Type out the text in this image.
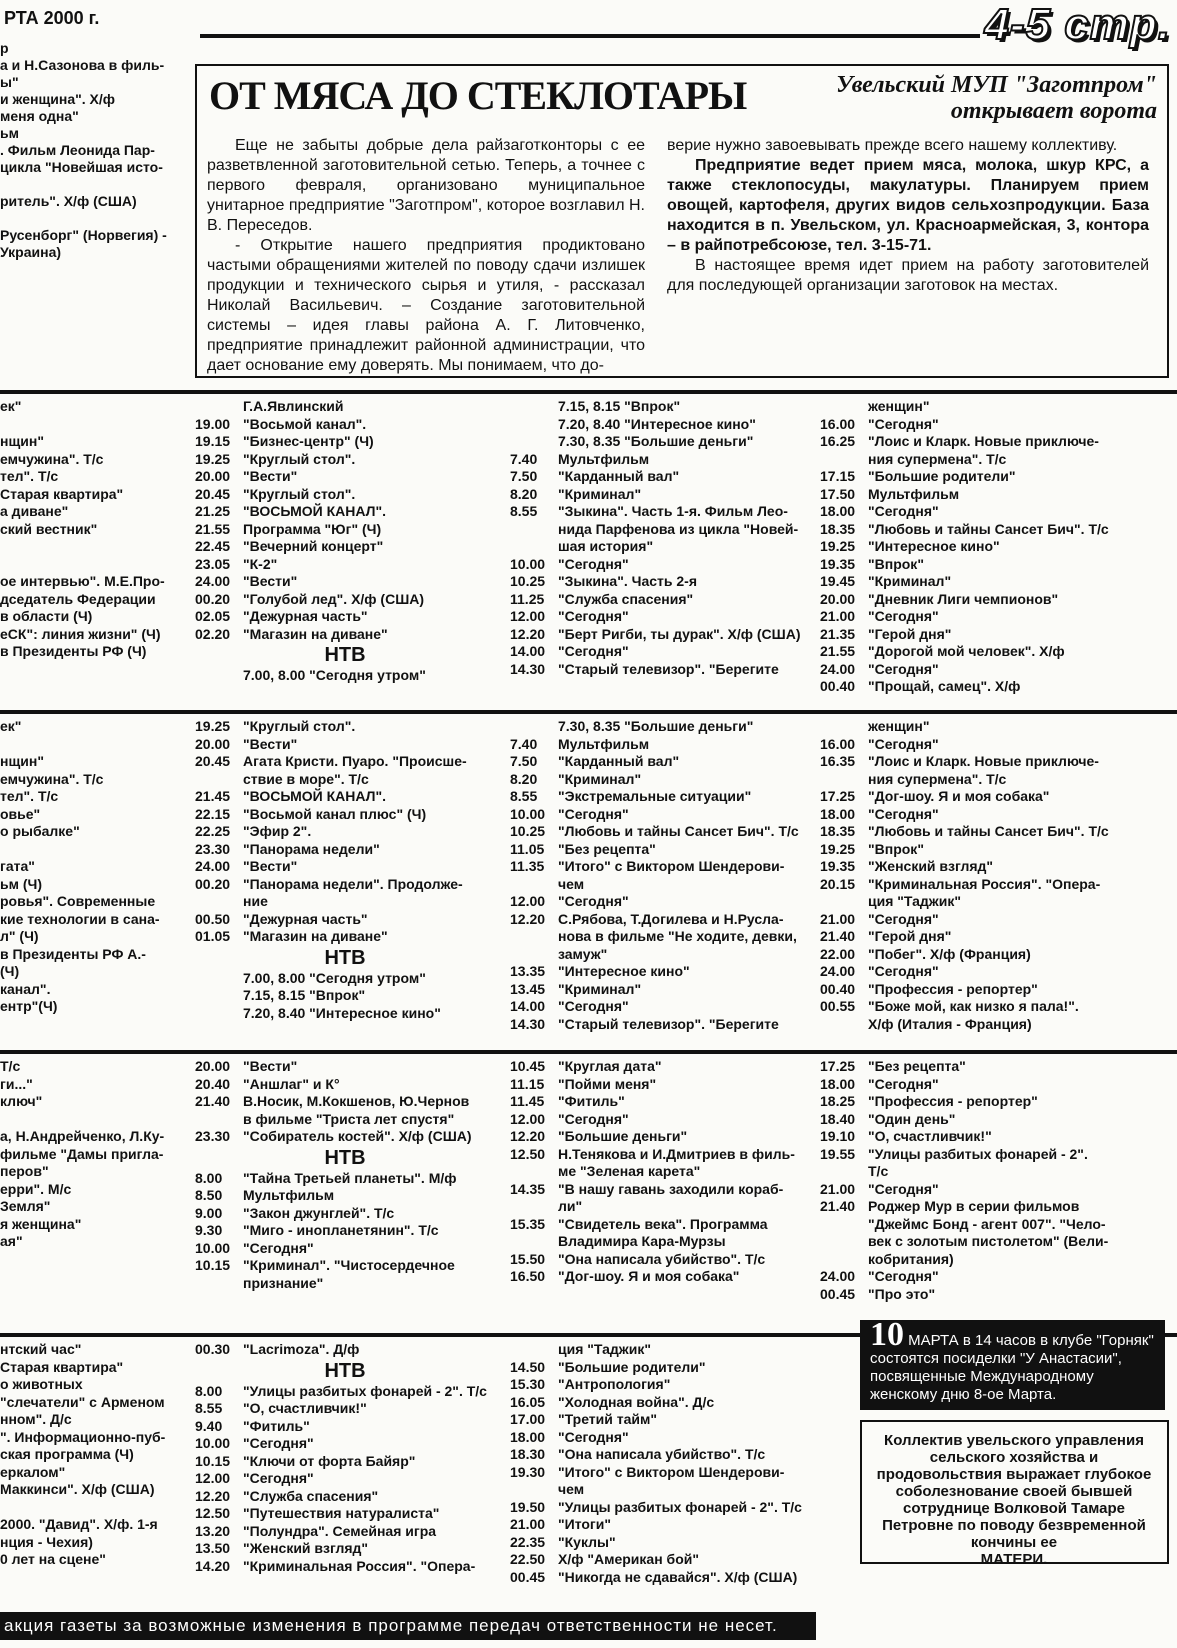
РТА 2000 г.	4-5 стр.
р
а и Н.Сазонова в филь-
ы"
и женщина". Х/ф
меня одна"
ьм
. Фильм Леонида Пар-
цикла "Новейшая исто-

ритель". Х/ф (США)

Русенборг" (Норвегия) -
Украина)
ОТ МЯСА ДО СТЕКЛОТАРЫ	Увельский МУП "Заготпром"
открывает ворота

Еще не забыты добрые дела райзаготконторы с ее разветвленной заготовительной сетью. Теперь, а точнее с первого февраля, организовано муниципальное унитарное предприятие "Заготпром", которое возглавил Н. В. Переседов.

- Открытие нашего предприятия продиктовано частыми обращениями жителей по поводу сдачи излишек продукции и технического сырья и утиля, - рассказал Николай Васильевич. – Создание заготовительной системы – идея главы района А. Г. Литовченко, предприятие принадлежит районной администрации, что дает основание ему доверять. Мы понимаем, что до-

верие нужно завоевывать прежде всего нашему коллективу.

Предприятие ведет прием мяса, молока, шкур КРС, а также стеклопосуды, макулатуры. Планируем прием овощей, картофеля, других видов сельхозпродукции. База находится в п. Увельском, ул. Красноармейская, 3, контора – в райпотребсоюзе, тел. 3-15-71.

В настоящее время идет прием на работу заготовителей для последующей организации заготовок на местах.

ек"

нщин"
емчужина". Т/с
тел". Т/с
Старая квартира"
а диване"
ский вестник"

ое интервью". М.Е.Про-
дседатель Федерации
в области (Ч)
еСК": линия жизни" (Ч)
в Президенты РФ (Ч)
Г.А.Явлинский
19.00 "Восьмой канал".
19.15 "Бизнес-центр" (Ч)
19.25 "Круглый стол".
20.00 "Вести"
20.45 "Круглый стол".
21.25 "ВОСЬМОЙ КАНАЛ".
21.55 Программа "Юг" (Ч)
22.45 "Вечерний концерт"
23.05 "К-2"
24.00 "Вести"
00.20 "Голубой лед". Х/ф (США)
02.05 "Дежурная часть"
02.20 "Магазин на диване"
НТВ
7.00, 8.00 "Сегодня утром"
7.15, 8.15 "Впрок"
7.20, 8.40 "Интересное кино"
7.30, 8.35 "Большие деньги"
7.40 Мультфильм
7.50 "Карданный вал"
8.20 "Криминал"
8.55 "Зыкина". Часть 1-я. Фильм Лео-
нида Парфенова из цикла "Новей-
шая история"
10.00 "Сегодня"
10.25 "Зыкина". Часть 2-я
11.25 "Служба спасения"
12.00 "Сегодня"
12.20 "Берт Ригби, ты дурак". Х/ф (США)
14.00 "Сегодня"
14.30 "Старый телевизор". "Берегите
женщин"
16.00 "Сегодня"
16.25 "Лоис и Кларк. Новые приключе-
ния супермена". Т/с
17.15 "Большие родители"
17.50 Мультфильм
18.00 "Сегодня"
18.35 "Любовь и тайны Сансет Бич". Т/с
19.25 "Интересное кино"
19.35 "Впрок"
19.45 "Криминал"
20.00 "Дневник Лиги чемпионов"
21.00 "Сегодня"
21.35 "Герой дня"
21.55 "Дорогой мой человек". Х/ф
24.00 "Сегодня"
00.40 "Прощай, самец". Х/ф
ек"

нщин"
емчужина". Т/с
тел". Т/с
овье"
о рыбалке"

гата"
ьм (Ч)
ровья". Современные
кие технологии в сана-
л" (Ч)
в Президенты РФ А.-
(Ч)
канал".
ентр"(Ч)
19.25 "Круглый стол".
20.00 "Вести"
20.45 Агата Кристи. Пуаро. "Происше-
ствие в море". Т/с
21.45 "ВОСЬМОЙ КАНАЛ".
22.15 "Восьмой канал плюс" (Ч)
22.25 "Эфир 2".
23.30 "Панорама недели"
24.00 "Вести"
00.20 "Панорама недели". Продолже-
ние
00.50 "Дежурная часть"
01.05 "Магазин на диване"
НТВ
7.00, 8.00 "Сегодня утром"
7.15, 8.15 "Впрок"
7.20, 8.40 "Интересное кино"
7.30, 8.35 "Большие деньги"
7.40 Мультфильм
7.50 "Карданный вал"
8.20 "Криминал"
8.55 "Экстремальные ситуации"
10.00 "Сегодня"
10.25 "Любовь и тайны Сансет Бич". Т/с
11.05 "Без рецепта"
11.35 "Итого" с Виктором Шендерови-
чем
12.00 "Сегодня"
12.20 С.Рябова, Т.Догилева и Н.Русла-
нова в фильме "Не ходите, девки,
замуж"
13.35 "Интересное кино"
13.45 "Криминал"
14.00 "Сегодня"
14.30 "Старый телевизор". "Берегите
женщин"
16.00 "Сегодня"
16.35 "Лоис и Кларк. Новые приключе-
ния супермена". Т/с
17.25 "Дог-шоу. Я и моя собака"
18.00 "Сегодня"
18.35 "Любовь и тайны Сансет Бич". Т/с
19.25 "Впрок"
19.35 "Женский взгляд"
20.15 "Криминальная Россия". "Опера-
ция "Таджик"
21.00 "Сегодня"
21.40 "Герой дня"
22.00 "Побег". Х/ф (Франция)
24.00 "Сегодня"
00.40 "Профессия - репортер"
00.55 "Боже мой, как низко я пала!".
Х/ф (Италия - Франция)
Т/с
ги..."
ключ"

а, Н.Андрейченко, Л.Ку-
фильме "Дамы пригла-
перов"
ерри". М/с
Земля"
я женщина"
ая"
20.00 "Вести"
20.40 "Аншлаг" и К°
21.40 В.Носик, М.Кокшенов, Ю.Чернов
в фильме "Триста лет спустя"
23.30 "Собиратель костей". Х/ф (США)
НТВ
8.00 "Тайна Третьей планеты". М/ф
8.50 Мультфильм
9.00 "Закон джунглей". Т/с
9.30 "Миго - инопланетянин". Т/с
10.00 "Сегодня"
10.15 "Криминал". "Чистосердечное
признание"
10.45 "Круглая дата"
11.15 "Пойми меня"
11.45 "Фитиль"
12.00 "Сегодня"
12.20 "Большие деньги"
12.50 Н.Тенякова и И.Дмитриев в филь-
ме "Зеленая карета"
14.35 "В нашу гавань заходили кораб-
ли"
15.35 "Свидетель века". Программа
Владимира Кара-Мурзы
15.50 "Она написала убийство". Т/с
16.50 "Дог-шоу. Я и моя собака"
17.25 "Без рецепта"
18.00 "Сегодня"
18.25 "Профессия - репортер"
18.40 "Один день"
19.10 "О, счастливчик!"
19.55 "Улицы разбитых фонарей - 2".
Т/с
21.00 "Сегодня"
21.40 Роджер Мур в серии фильмов
"Джеймс Бонд - агент 007". "Чело-
век с золотым пистолетом" (Вели-
кобритания)
24.00 "Сегодня"
00.45 "Про это"
нтский час"
Старая квартира"
о животных
"слечатели" с Арменом
нном". Д/с
". Информационно-пуб-
ская программа (Ч)
еркалом"
Маккинси". Х/ф (США)

2000. "Давид". Х/ф. 1-я
нция - Чехия)
0 лет на сцене"
00.30 "Lacrimoza". Д/ф
НТВ
8.00 "Улицы разбитых фонарей - 2". Т/с
8.55 "О, счастливчик!"
9.40 "Фитиль"
10.00 "Сегодня"
10.15 "Ключи от форта Байяр"
12.00 "Сегодня"
12.20 "Служба спасения"
12.50 "Путешествия натуралиста"
13.20 "Полундра". Семейная игра
13.50 "Женский взгляд"
14.20 "Криминальная Россия". "Опера-
ция "Таджик"
14.50 "Большие родители"
15.30 "Антропология"
16.05 "Холодная война". Д/с
17.00 "Третий тайм"
18.00 "Сегодня"
18.30 "Она написала убийство". Т/с
19.30 "Итого" с Виктором Шендерови-
чем
19.50 "Улицы разбитых фонарей - 2". Т/с
21.00 "Итоги"
22.35 "Куклы"
22.50 Х/ф "Американ бой"
00.45 "Никогда не сдавайся". Х/ф (США)
10 МАРТА в 14 часов в клубе "Горняк" состоятся посиделки "У Анастасии", посвященные Международному женскому дню 8-ое Марта.
Коллектив увельского управления сельского хозяйства и продовольствия выражает глубокое соболезнование своей бывшей сотруднице Волковой Тамаре Петровне по поводу безвременной кончины ее
МАТЕРИ.
акция газеты за возможные изменения в программе передач ответственности не несет.
